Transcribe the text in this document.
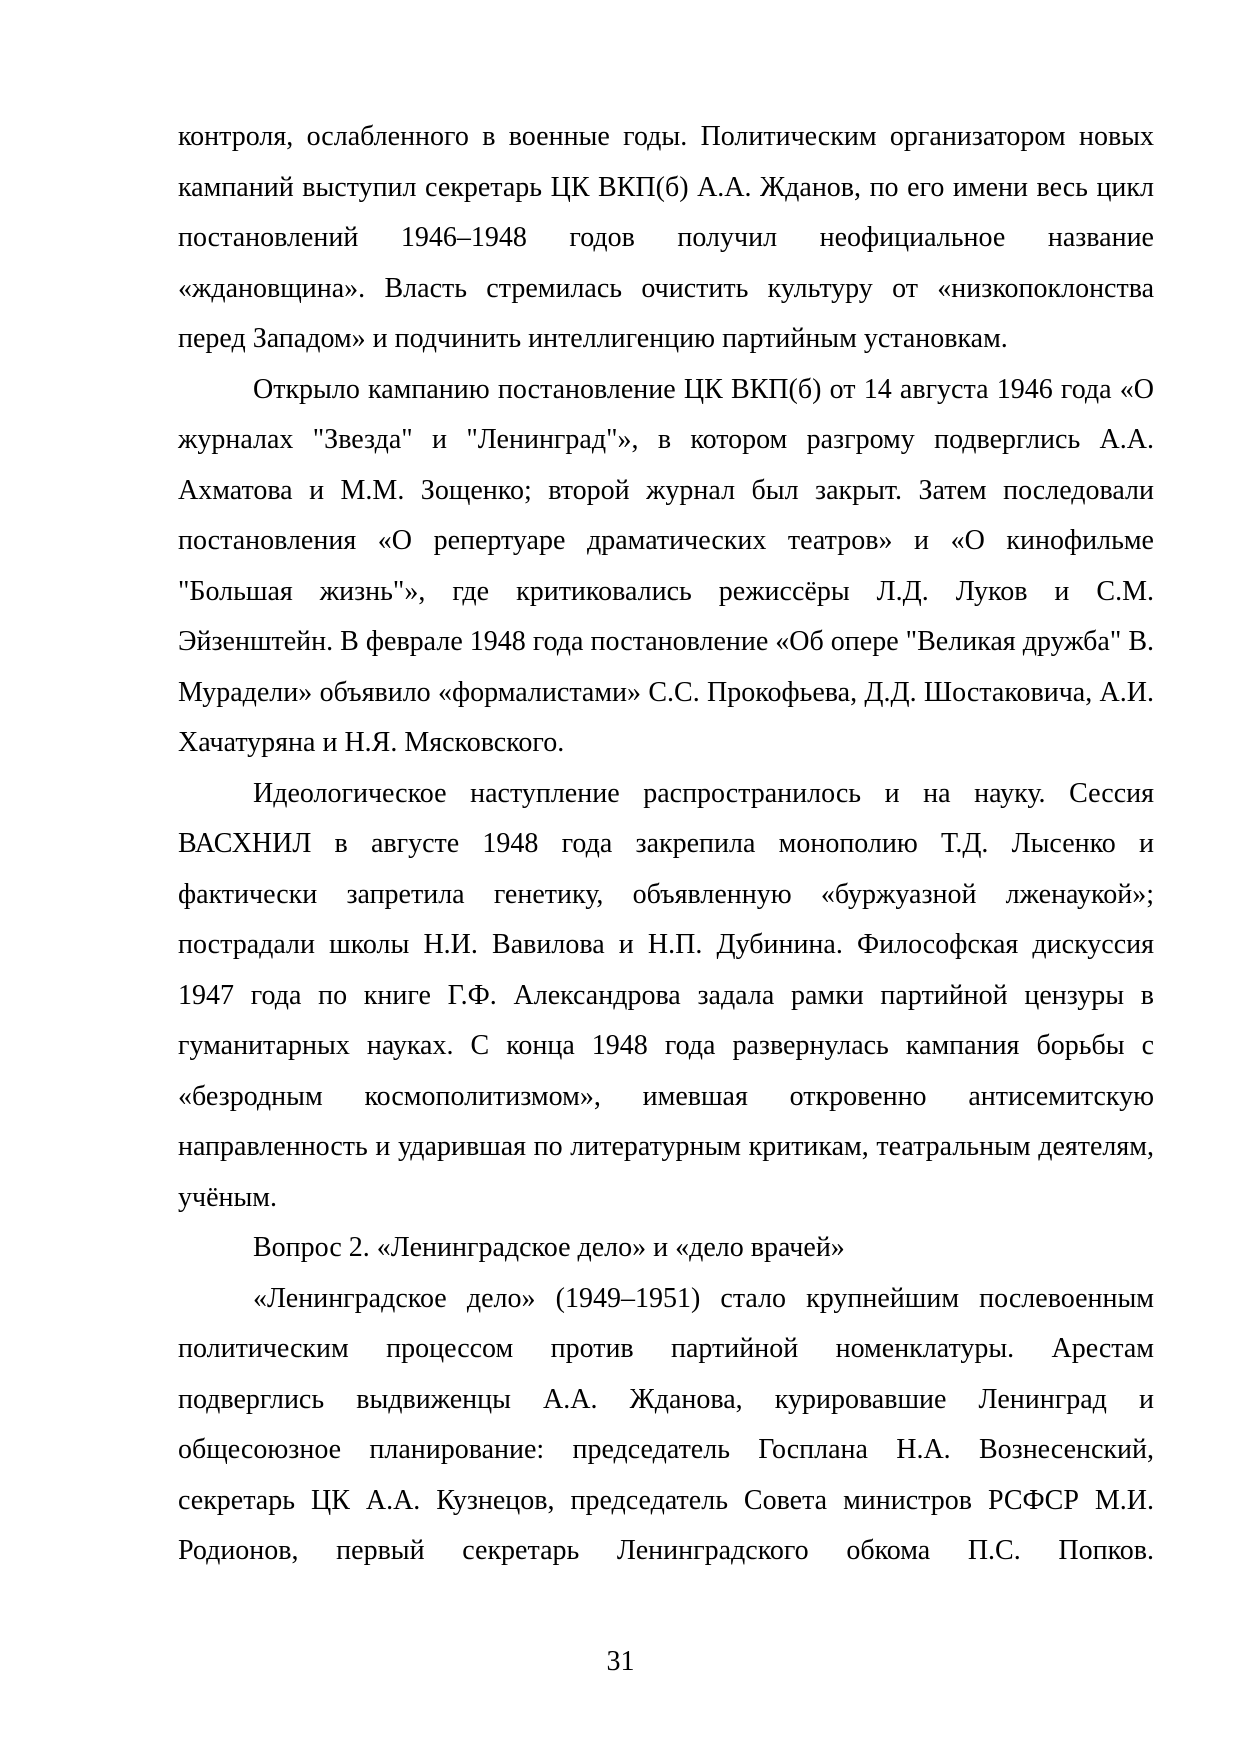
контроля, ослабленного в военные годы. Политическим организатором новых кампаний выступил секретарь ЦК ВКП(б) А.А. Жданов, по его имени весь цикл постановлений 1946–1948 годов получил неофициальное название «ждановщина». Власть стремилась очистить культуру от «низкопоклонства перед Западом» и подчинить интеллигенцию партийным установкам.

Открыло кампанию постановление ЦК ВКП(б) от 14 августа 1946 года «О журналах "Звезда" и "Ленинград"», в котором разгрому подверглись А.А. Ахматова и М.М. Зощенко; второй журнал был закрыт. Затем последовали постановления «О репертуаре драматических театров» и «О кинофильме "Большая жизнь"», где критиковались режиссёры Л.Д. Луков и С.М. Эйзенштейн. В феврале 1948 года постановление «Об опере "Великая дружба" В. Мурадели» объявило «формалистами» С.С. Прокофьева, Д.Д. Шостаковича, А.И. Хачатуряна и Н.Я. Мясковского.

Идеологическое наступление распространилось и на науку. Сессия ВАСХНИЛ в августе 1948 года закрепила монополию Т.Д. Лысенко и фактически запретила генетику, объявленную «буржуазной лженаукой»; пострадали школы Н.И. Вавилова и Н.П. Дубинина. Философская дискуссия 1947 года по книге Г.Ф. Александрова задала рамки партийной цензуры в гуманитарных науках. С конца 1948 года развернулась кампания борьбы с «безродным космополитизмом», имевшая откровенно антисемитскую направленность и ударившая по литературным критикам, театральным деятелям, учёным.

Вопрос 2. «Ленинградское дело» и «дело врачей»

«Ленинградское дело» (1949–1951) стало крупнейшим послевоенным политическим процессом против партийной номенклатуры. Арестам подверглись выдвиженцы А.А. Жданова, курировавшие Ленинград и общесоюзное планирование: председатель Госплана Н.А. Вознесенский, секретарь ЦК А.А. Кузнецов, председатель Совета министров РСФСР М.И. Родионов, первый секретарь Ленинградского обкома П.С. Попков.

31
